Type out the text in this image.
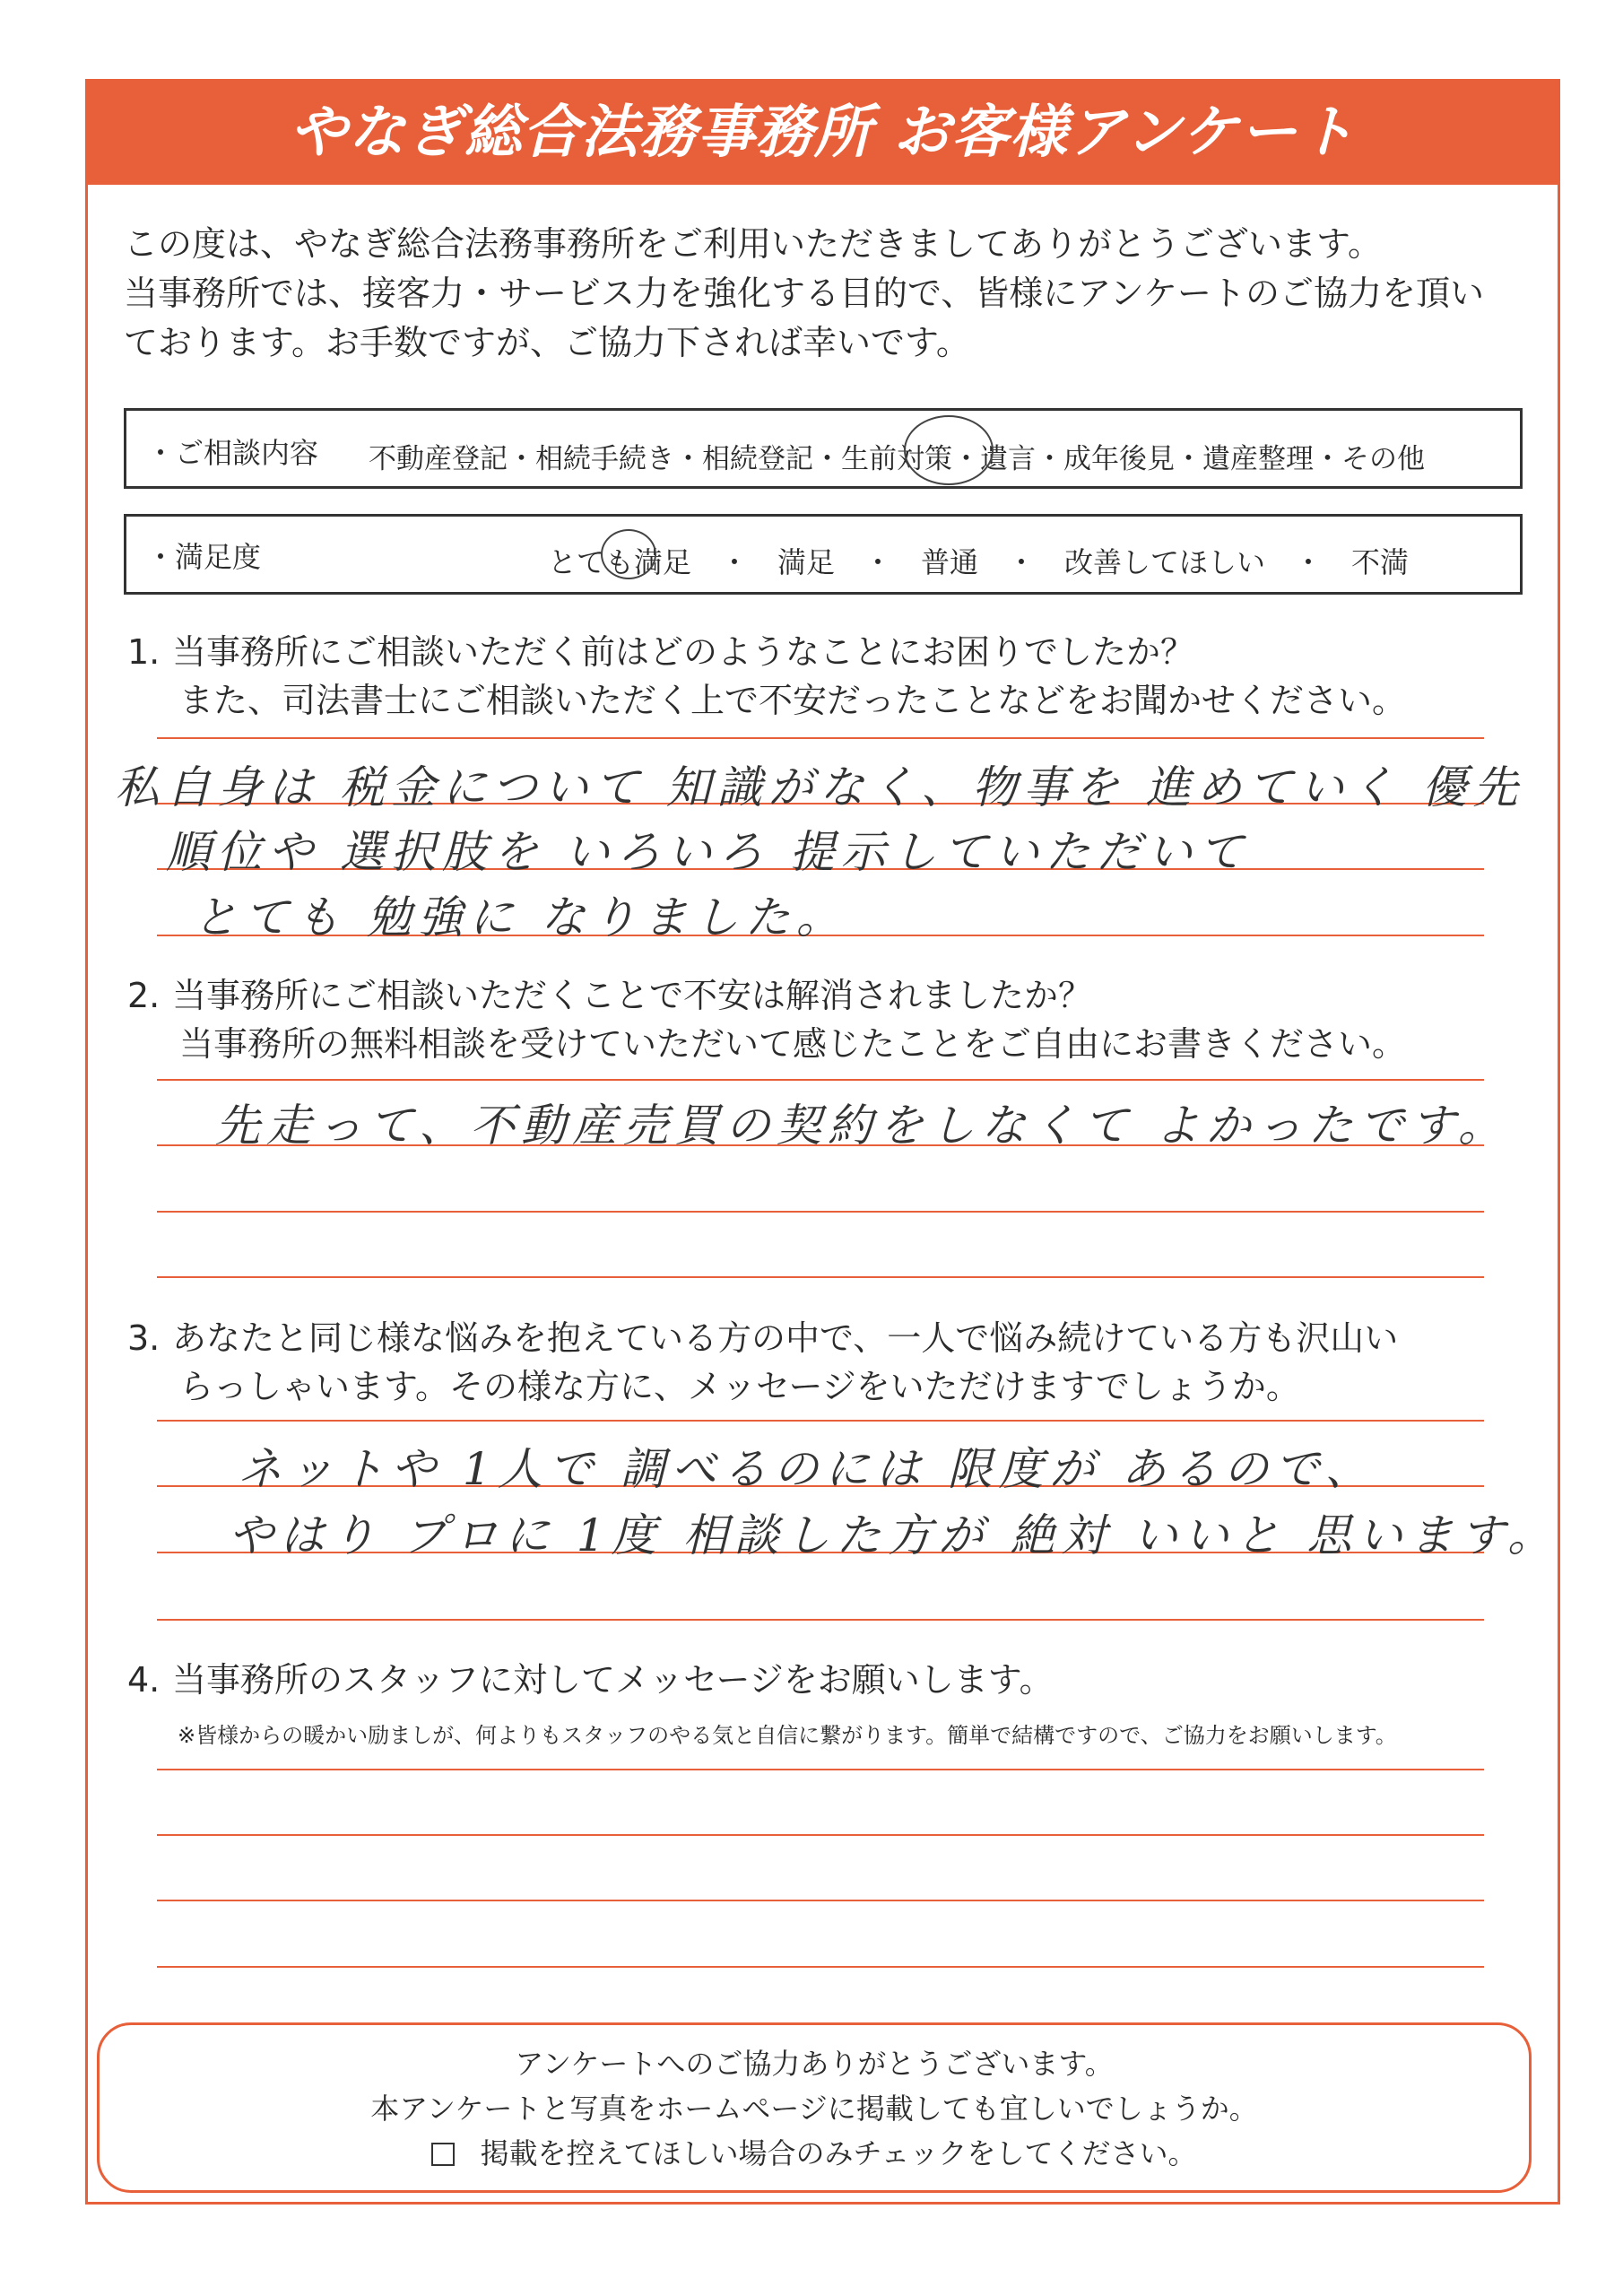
やなぎ総合法務事務所 お客様アンケート
この度は、やなぎ総合法務事務所をご利用いただきましてありがとうございます。
当事務所では、接客力・サービス力を強化する目的で、皆様にアンケートのご協力を頂い
ております。お手数ですが、ご協力下されば幸いです。
・ご相談内容 不動産登記・相続手続き・相続登記・生前対策・遺言・成年後見・遺産整理・その他
・満足度	とても満足　・　満足　・　普通　・　改善してほしい　・　不満
1. 当事務所にご相談いただく前はどのようなことにお困りでしたか？
また、司法書士にご相談いただく上で不安だったことなどをお聞かせください。
私自身は 税金について 知識がなく、物事を 進めていく 優先
順位や 選択肢を いろいろ 提示していただいて
とても 勉強に なりました。
2. 当事務所にご相談いただくことで不安は解消されましたか？
当事務所の無料相談を受けていただいて感じたことをご自由にお書きください。
先走って、不動産売買の契約をしなくて よかったです。
3. あなたと同じ様な悩みを抱えている方の中で、一人で悩み続けている方も沢山い
らっしゃいます。その様な方に、メッセージをいただけますでしょうか。
ネットや 1人で 調べるのには 限度が あるので、
やはり プロに 1度 相談した方が 絶対 いいと 思います。
4. 当事務所のスタッフに対してメッセージをお願いします。
※皆様からの暖かい励ましが、何よりもスタッフのやる気と自信に繋がります。簡単で結構ですので、ご協力をお願いします。
アンケートへのご協力ありがとうございます。
本アンケートと写真をホームページに掲載しても宜しいでしょうか。
掲載を控えてほしい場合のみチェックをしてください。
